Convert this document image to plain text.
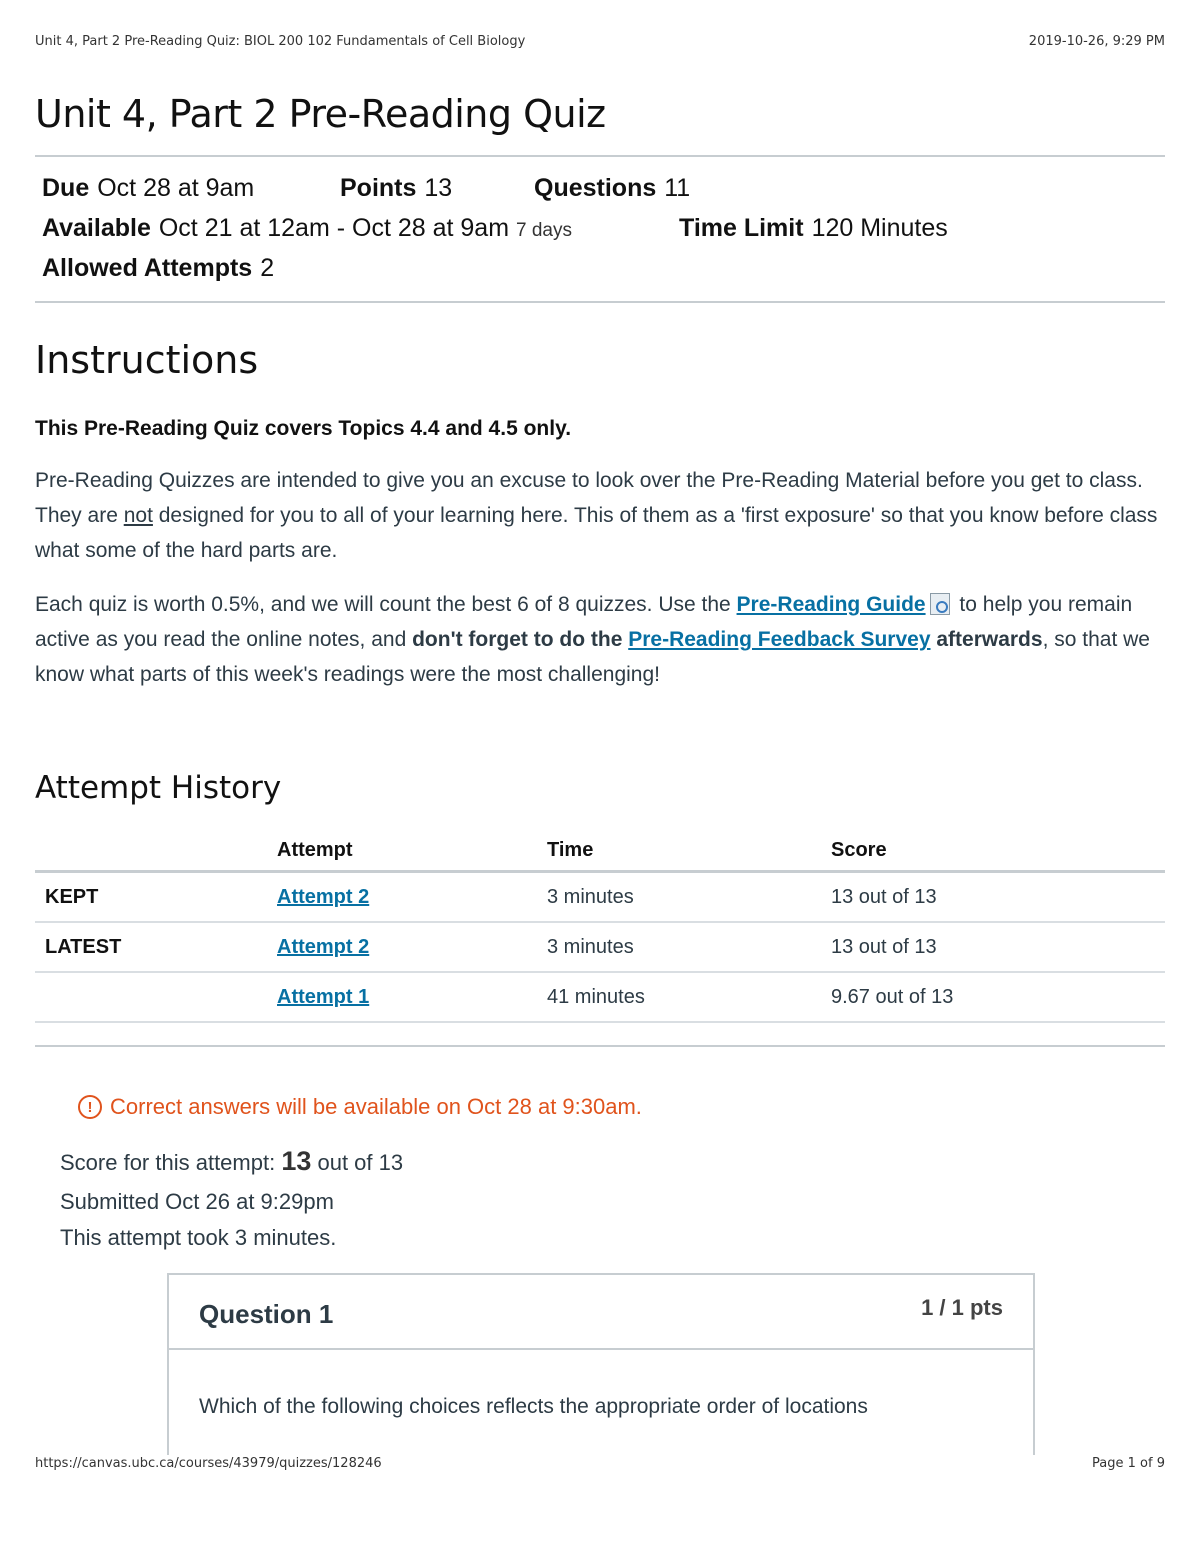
Unit 4, Part 2 Pre-Reading Quiz: BIOL 200 102 Fundamentals of Cell Biology	2019-10-26, 9:29 PM
Unit 4, Part 2 Pre-Reading Quiz
Due Oct 28 at 9am	Points 13	Questions 11
Available Oct 21 at 12am - Oct 28 at 9am 7 days	Time Limit 120 Minutes
Allowed Attempts 2
Instructions

This Pre-Reading Quiz covers Topics 4.4 and 4.5 only.

Pre-Reading Quizzes are intended to give you an excuse to look over the Pre-Reading Material before you get to class. They are not designed for you to all of your learning here. This of them as a 'first exposure' so that you know before class what some of the hard parts are.

Each quiz is worth 0.5%, and we will count the best 6 of 8 quizzes. Use the Pre-Reading Guide to help you remain active as you read the online notes, and don't forget to do the Pre-Reading Feedback Survey afterwards, so that we know what parts of this week's readings were the most challenging!

Attempt History
	Attempt	Time	Score
KEPT	Attempt 2	3 minutes	13 out of 13
LATEST	Attempt 2	3 minutes	13 out of 13
	Attempt 1	41 minutes	9.67 out of 13
! Correct answers will be available on Oct 28 at 9:30am.
Score for this attempt: 13 out of 13
Submitted Oct 26 at 9:29pm
This attempt took 3 minutes.
Question 1	1 / 1 pts
Which of the following choices reflects the appropriate order of locations
https://canvas.ubc.ca/courses/43979/quizzes/128246	Page 1 of 9
